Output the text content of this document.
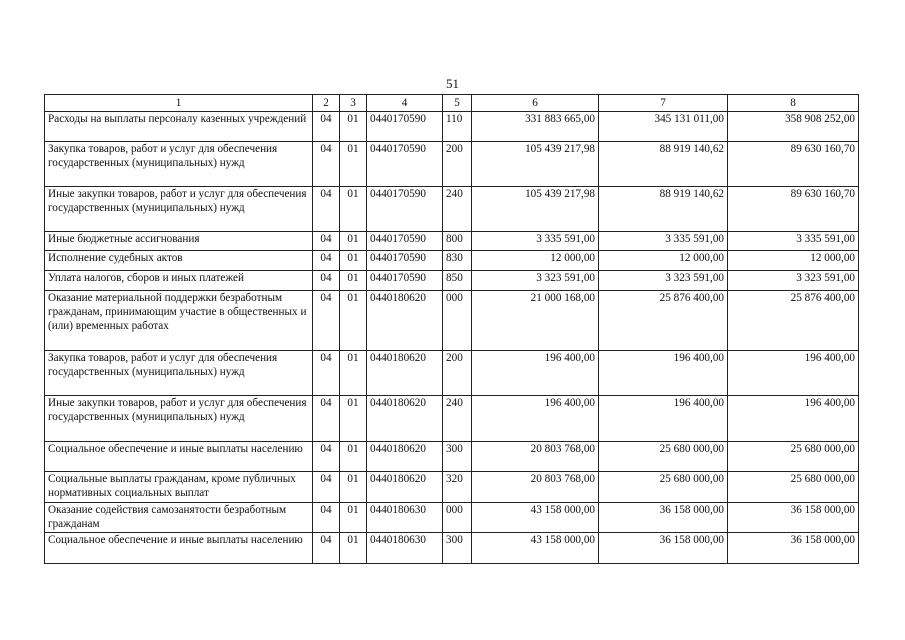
51
1	2	3	4	5	6	7	8
Расходы на выплаты персоналу казенных учреждений	04	01	0440170590	110	331 883 665,00	345 131 011,00	358 908 252,00
Закупка товаров, работ и услуг для обеспечения государственных (муниципальных) нужд	04	01	0440170590	200	105 439 217,98	88 919 140,62	89 630 160,70
Иные закупки товаров, работ и услуг для обеспечения государственных (муниципальных) нужд	04	01	0440170590	240	105 439 217,98	88 919 140,62	89 630 160,70
Иные бюджетные ассигнования	04	01	0440170590	800	3 335 591,00	3 335 591,00	3 335 591,00
Исполнение судебных актов	04	01	0440170590	830	12 000,00	12 000,00	12 000,00
Уплата налогов, сборов и иных платежей	04	01	0440170590	850	3 323 591,00	3 323 591,00	3 323 591,00
Оказание материальной поддержки безработным гражданам, принимающим участие в общественных и (или) временных работах	04	01	0440180620	000	21 000 168,00	25 876 400,00	25 876 400,00
Закупка товаров, работ и услуг для обеспечения государственных (муниципальных) нужд	04	01	0440180620	200	196 400,00	196 400,00	196 400,00
Иные закупки товаров, работ и услуг для обеспечения государственных (муниципальных) нужд	04	01	0440180620	240	196 400,00	196 400,00	196 400,00
Социальное обеспечение и иные выплаты населению	04	01	0440180620	300	20 803 768,00	25 680 000,00	25 680 000,00
Социальные выплаты гражданам, кроме публичных нормативных социальных выплат	04	01	0440180620	320	20 803 768,00	25 680 000,00	25 680 000,00
Оказание содействия самозанятости безработным гражданам	04	01	0440180630	000	43 158 000,00	36 158 000,00	36 158 000,00
Социальное обеспечение и иные выплаты населению	04	01	0440180630	300	43 158 000,00	36 158 000,00	36 158 000,00
